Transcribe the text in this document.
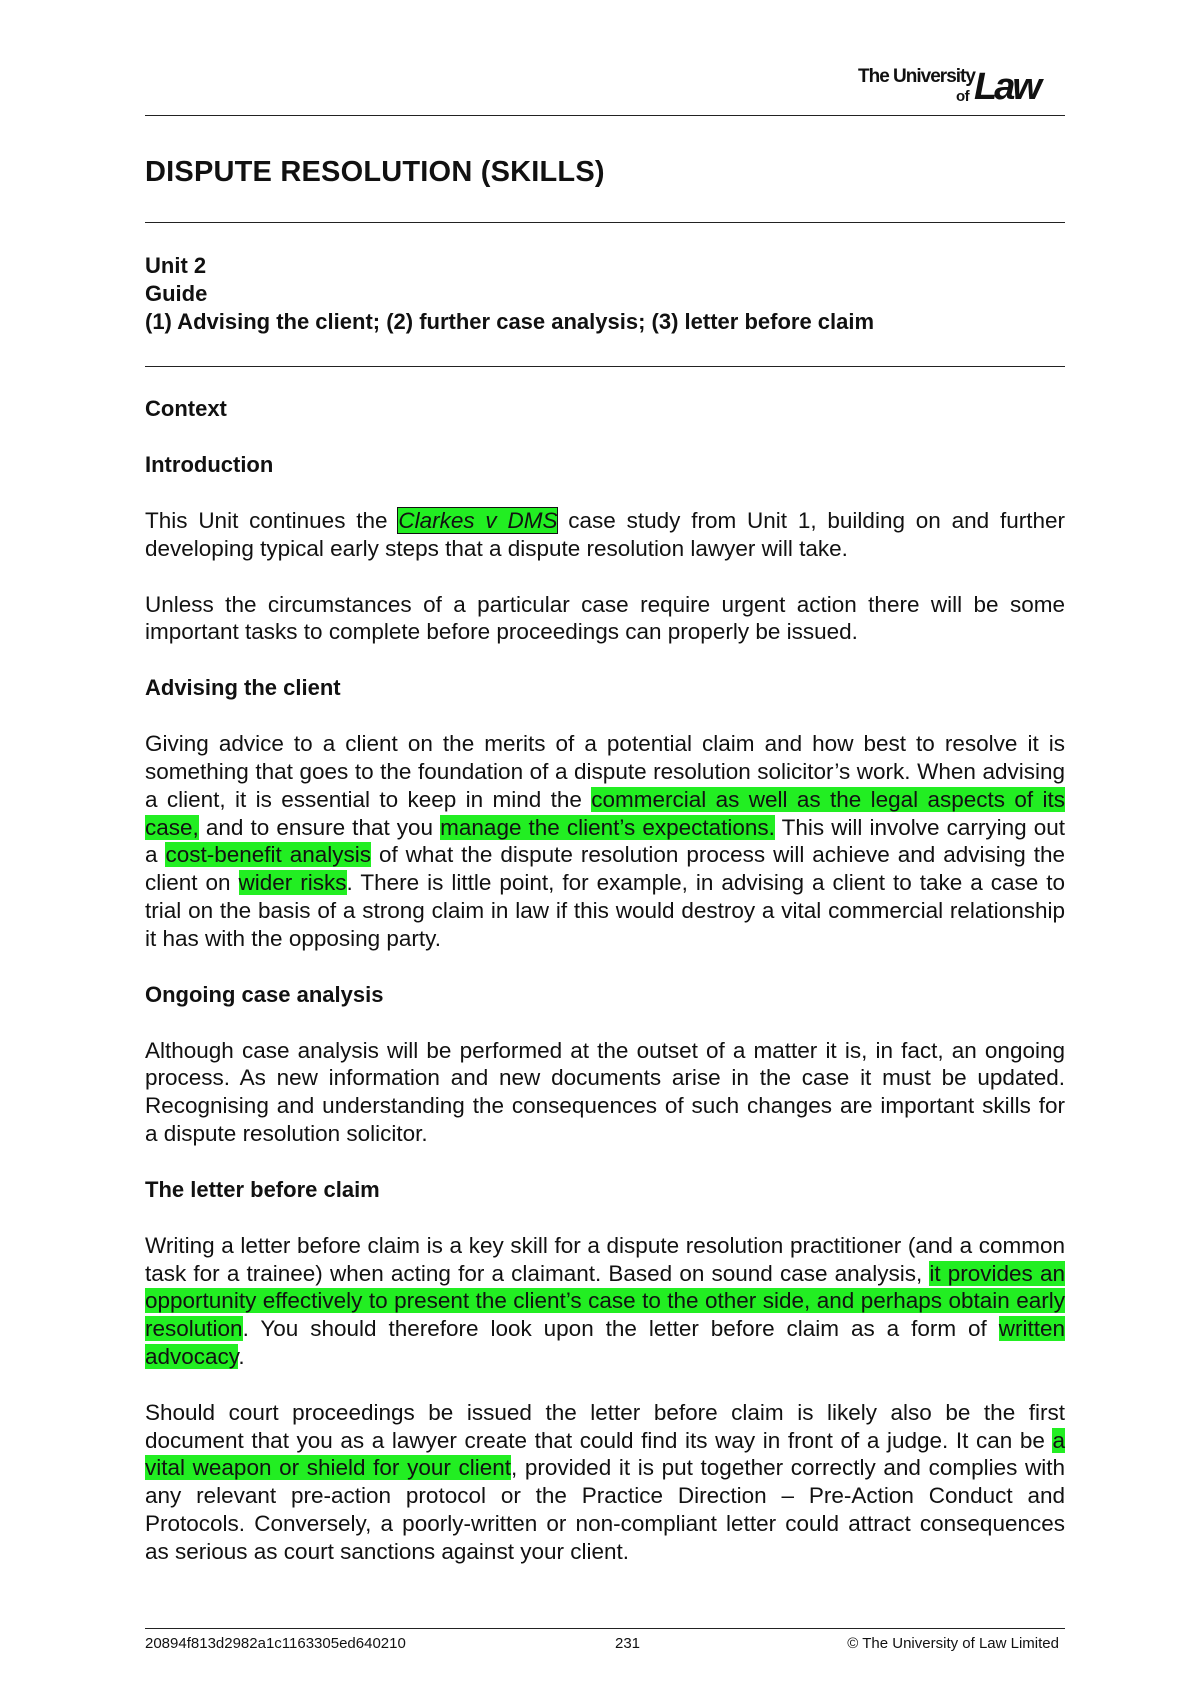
The University
of Law
DISPUTE RESOLUTION (SKILLS)
Unit 2
Guide
(1) Advising the client; (2) further case analysis; (3) letter before claim
Context
Introduction

This Unit continues the Clarkes v DMS case study from Unit 1, building on and further developing typical early steps that a dispute resolution lawyer will take.

Unless the circumstances of a particular case require urgent action there will be some important tasks to complete before proceedings can properly be issued.

Advising the client

Giving advice to a client on the merits of a potential claim and how best to resolve it is something that goes to the foundation of a dispute resolution solicitor’s work. When advising a client, it is essential to keep in mind the commercial as well as the legal aspects of its case, and to ensure that you manage the client’s expectations. This will involve carrying out a cost-benefit analysis of what the dispute resolution process will achieve and advising the client on wider risks. There is little point, for example, in advising a client to take a case to trial on the basis of a strong claim in law if this would destroy a vital commercial relationship it has with the opposing party.

Ongoing case analysis

Although case analysis will be performed at the outset of a matter it is, in fact, an ongoing process. As new information and new documents arise in the case it must be updated. Recognising and understanding the consequences of such changes are important skills for a dispute resolution solicitor.

The letter before claim

Writing a letter before claim is a key skill for a dispute resolution practitioner (and a common task for a trainee) when acting for a claimant. Based on sound case analysis, it provides an opportunity effectively to present the client’s case to the other side, and perhaps obtain early resolution. You should therefore look upon the letter before claim as a form of written advocacy.

Should court proceedings be issued the letter before claim is likely also be the first document that you as a lawyer create that could find its way in front of a judge. It can be a vital weapon or shield for your client, provided it is put together correctly and complies with any relevant pre-action protocol or the Practice Direction – Pre-Action Conduct and Protocols. Conversely, a poorly-written or non-compliant letter could attract consequences as serious as court sanctions against your client.

20894f813d2982a1c1163305ed640210	231	© The University of Law Limited
